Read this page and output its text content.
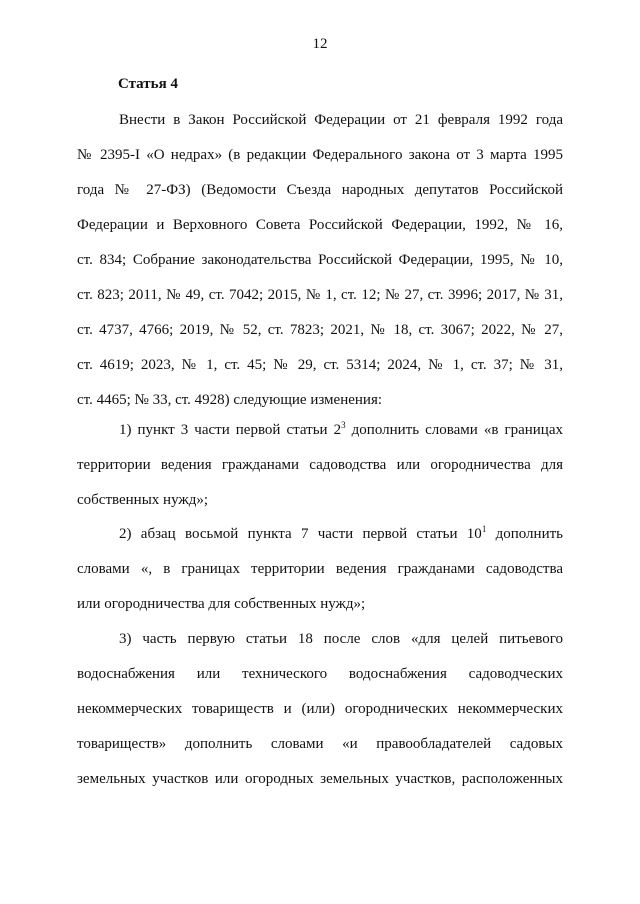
12
Статья 4
Внести в Закон Российской Федерации от 21 февраля 1992 года
№ 2395-I «О недрах» (в редакции Федерального закона от 3 марта 1995
года № 27-ФЗ) (Ведомости Съезда народных депутатов Российской
Федерации и Верховного Совета Российской Федерации, 1992, № 16,
ст. 834; Собрание законодательства Российской Федерации, 1995, № 10,
ст. 823; 2011, № 49, ст. 7042; 2015, № 1, ст. 12; № 27, ст. 3996; 2017, № 31,
ст. 4737, 4766; 2019, № 52, ст. 7823; 2021, № 18, ст. 3067; 2022, № 27,
ст. 4619; 2023, № 1, ст. 45; № 29, ст. 5314; 2024, № 1, ст. 37; № 31,
ст. 4465; № 33, ст. 4928) следующие изменения:
1) пункт 3 части первой статьи $2^3$ дополнить словами «в границах
территории ведения гражданами садоводства или огородничества для
собственных нужд»;
2) абзац восьмой пункта 7 части первой статьи $10^1$ дополнить
словами «, в границах территории ведения гражданами садоводства
или огородничества для собственных нужд»;
3) часть первую статьи 18 после слов «для целей питьевого
водоснабжения или технического водоснабжения садоводческих
некоммерческих товариществ и (или) огороднических некоммерческих
товариществ» дополнить словами «и правообладателей садовых
земельных участков или огородных земельных участков, расположенных
